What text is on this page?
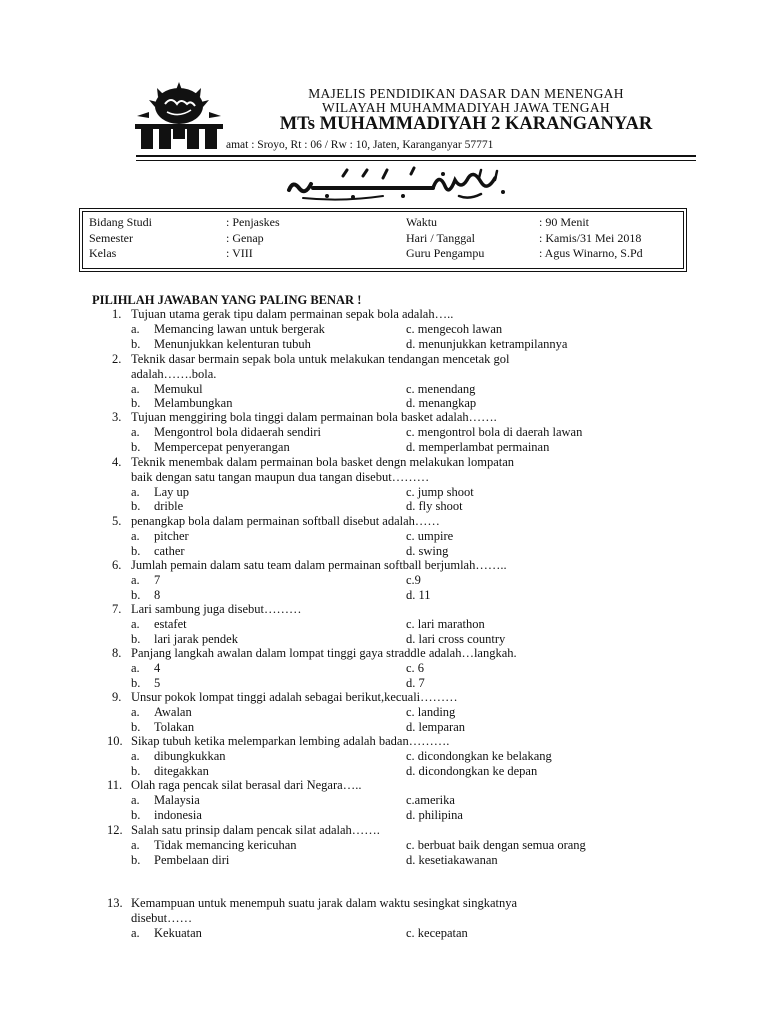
MAJELIS PENDIDIKAN DASAR DAN MENENGAH
WILAYAH MUHAMMADIYAH JAWA TENGAH
MTs MUHAMMADIYAH 2 KARANGANYAR
amat : Sroyo, Rt : 06 / Rw : 10, Jaten, Karanganyar 57771
Bidang Studi	: Penjaskes	Waktu	: 90 Menit
Semester	: Genap	Hari / Tanggal	: Kamis/31 Mei 2018
Kelas	: VIII	Guru Pengampu	: Agus Winarno, S.Pd
PILIHLAH JAWABAN YANG PALING BENAR !
1. Tujuan utama gerak tipu dalam permainan sepak bola adalah…..
a. Memancing lawan untuk bergerak	c. mengecoh lawan
b. Menunjukkan kelenturan tubuh	d. menunjukkan ketrampilannya
2. Teknik dasar bermain sepak bola untuk melakukan tendangan mencetak gol
adalah…….bola.
a. Memukul	c. menendang
b. Melambungkan	d. menangkap
3. Tujuan menggiring bola tinggi dalam permainan bola basket adalah…….
a. Mengontrol bola didaerah sendiri	c. mengontrol bola di daerah lawan
b. Mempercepat penyerangan	d. memperlambat permainan
4. Teknik menembak dalam permainan bola basket dengn melakukan lompatan
baik dengan satu tangan maupun dua tangan disebut………
a. Lay up	c. jump shoot
b. drible	d. fly shoot
5. penangkap bola dalam permainan softball disebut adalah……
a. pitcher	c. umpire
b. cather	d. swing
6. Jumlah pemain dalam satu team dalam permainan softball berjumlah……..
a. 7	c.9
b. 8	d. 11
7. Lari sambung juga disebut………
a. estafet	c. lari marathon
b. lari jarak pendek	d. lari cross country
8. Panjang langkah awalan dalam lompat tinggi gaya straddle adalah…langkah.
a. 4	c. 6
b. 5	d. 7
9. Unsur pokok lompat tinggi adalah sebagai berikut,kecuali………
a. Awalan	c. landing
b. Tolakan	d. lemparan
10. Sikap tubuh ketika melemparkan lembing adalah badan……….
a. dibungkukkan	c. dicondongkan ke belakang
b. ditegakkan	d. dicondongkan ke depan
11. Olah raga pencak silat berasal dari Negara…..
a. Malaysia	c.amerika
b. indonesia	d. philipina
12. Salah satu prinsip dalam pencak silat adalah…….
a. Tidak memancing kericuhan	c. berbuat baik dengan semua orang
b. Pembelaan diri	d. kesetiakawanan
13. Kemampuan untuk menempuh suatu jarak dalam waktu sesingkat singkatnya
disebut……
a. Kekuatan	c. kecepatan
